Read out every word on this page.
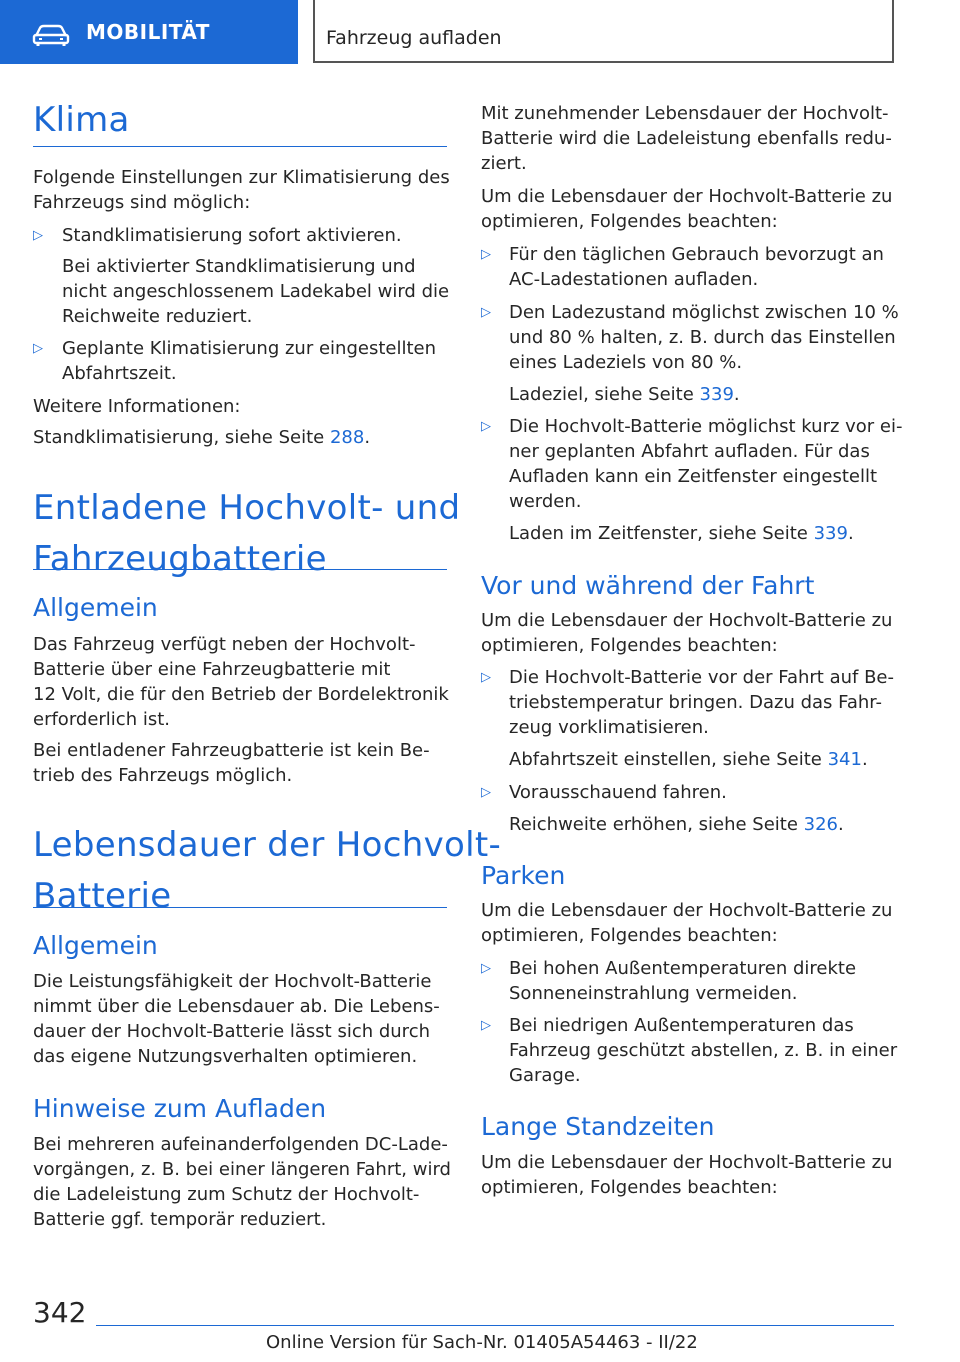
MOBILITÄT	Fahrzeug aufladen
Klima
Folgende Einstellungen zur Klimatisierung des
Fahrzeugs sind möglich:
▷ Standklimatisierung sofort aktivieren.
Bei aktivierter Standklimatisierung und
nicht angeschlossenem Ladekabel wird die
Reichweite reduziert.
▷ Geplante Klimatisierung zur eingestellten
Abfahrtszeit.
Weitere Informationen:
Standklimatisierung, siehe Seite 288.
Entladene Hochvolt- und
Fahrzeugbatterie
Allgemein
Das Fahrzeug verfügt neben der Hochvolt-
Batterie über eine Fahrzeugbatterie mit
12 Volt, die für den Betrieb der Bordelektronik
erforderlich ist.
Bei entladener Fahrzeugbatterie ist kein Be-
trieb des Fahrzeugs möglich.
Lebensdauer der Hochvolt-
Batterie
Allgemein
Die Leistungsfähigkeit der Hochvolt-Batterie
nimmt über die Lebensdauer ab. Die Lebens-
dauer der Hochvolt-Batterie lässt sich durch
das eigene Nutzungsverhalten optimieren.
Hinweise zum Aufladen
Bei mehreren aufeinanderfolgenden DC-Lade-
vorgängen, z. B. bei einer längeren Fahrt, wird
die Ladeleistung zum Schutz der Hochvolt-
Batterie ggf. temporär reduziert.
Mit zunehmender Lebensdauer der Hochvolt-
Batterie wird die Ladeleistung ebenfalls redu-
ziert.
Um die Lebensdauer der Hochvolt-Batterie zu
optimieren, Folgendes beachten:
▷ Für den täglichen Gebrauch bevorzugt an
AC-Ladestationen aufladen.
▷ Den Ladezustand möglichst zwischen 10 %
und 80 % halten, z. B. durch das Einstellen
eines Ladeziels von 80 %.
Ladeziel, siehe Seite 339.
▷ Die Hochvolt-Batterie möglichst kurz vor ei-
ner geplanten Abfahrt aufladen. Für das
Aufladen kann ein Zeitfenster eingestellt
werden.
Laden im Zeitfenster, siehe Seite 339.
Vor und während der Fahrt
Um die Lebensdauer der Hochvolt-Batterie zu
optimieren, Folgendes beachten:
▷ Die Hochvolt-Batterie vor der Fahrt auf Be-
triebstemperatur bringen. Dazu das Fahr-
zeug vorklimatisieren.
Abfahrtszeit einstellen, siehe Seite 341.
▷ Vorausschauend fahren.
Reichweite erhöhen, siehe Seite 326.
Parken
Um die Lebensdauer der Hochvolt-Batterie zu
optimieren, Folgendes beachten:
▷ Bei hohen Außentemperaturen direkte
Sonneneinstrahlung vermeiden.
▷ Bei niedrigen Außentemperaturen das
Fahrzeug geschützt abstellen, z. B. in einer
Garage.
Lange Standzeiten
Um die Lebensdauer der Hochvolt-Batterie zu
optimieren, Folgendes beachten:
342
Online Version für Sach-Nr. 01405A54463 - II/22
